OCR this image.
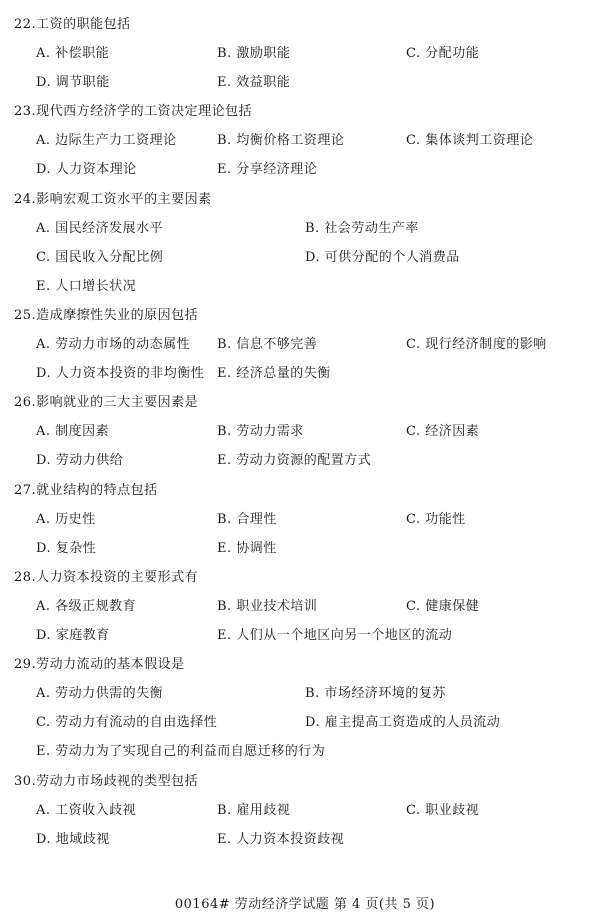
22.工资的职能包括
A. 补偿职能	B. 激励职能	C. 分配功能
D. 调节职能	E. 效益职能
23.现代西方经济学的工资决定理论包括
A. 边际生产力工资理论	B. 均衡价格工资理论	C. 集体谈判工资理论
D. 人力资本理论	E. 分享经济理论
24.影响宏观工资水平的主要因素
A. 国民经济发展水平	B. 社会劳动生产率
C. 国民收入分配比例	D. 可供分配的个人消费品
E. 人口增长状况
25.造成摩擦性失业的原因包括
A. 劳动力市场的动态属性 B. 信息不够完善	C. 现行经济制度的影响
D. 人力资本投资的非均衡性 E. 经济总量的失衡
26.影响就业的三大主要因素是
A. 制度因素	B. 劳动力需求	C. 经济因素
D. 劳动力供给	E. 劳动力资源的配置方式
27.就业结构的特点包括
A. 历史性	B. 合理性	C. 功能性
D. 复杂性	E. 协调性
28.人力资本投资的主要形式有
A. 各级正规教育	B. 职业技术培训	C. 健康保健
D. 家庭教育	E. 人们从一个地区向另一个地区的流动
29.劳动力流动的基本假设是
A. 劳动力供需的失衡	B. 市场经济环境的复苏
C. 劳动力有流动的自由选择性	D. 雇主提高工资造成的人员流动
E. 劳动力为了实现自己的利益而自愿迁移的行为
30.劳动力市场歧视的类型包括
A. 工资收入歧视	B. 雇用歧视	C. 职业歧视
D. 地域歧视	E. 人力资本投资歧视
00164# 劳动经济学试题 第 4 页(共 5 页)
